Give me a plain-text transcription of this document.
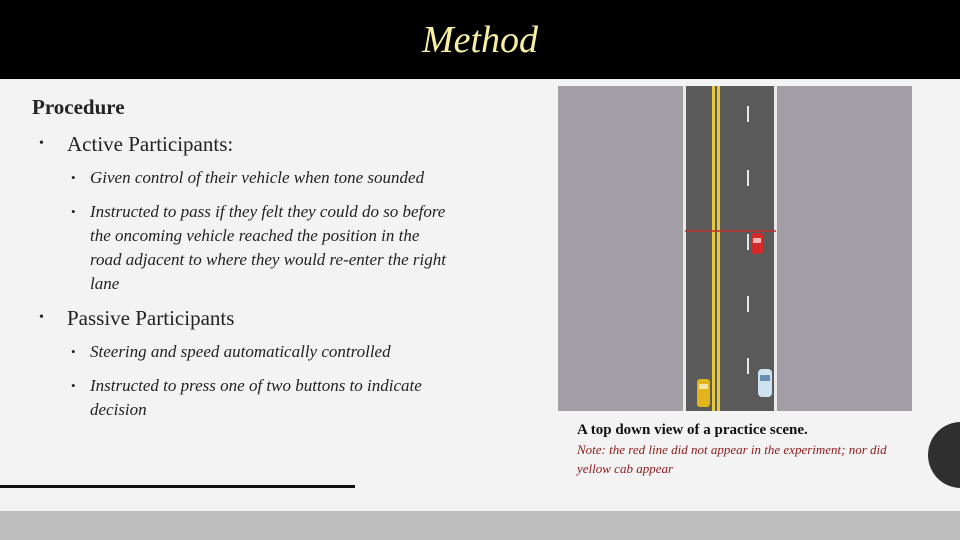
Method

Procedure

• Active Participants:

• Given control of their vehicle when tone sounded

• Instructed to pass if they felt they could do so before the oncoming vehicle reached the position in the road adjacent to where they would re-enter the right lane

• Passive Participants

• Steering and speed automatically controlled

• Instructed to press one of two buttons to indicate decision

A top down view of a practice scene.

Note: the red line did not appear in the experiment; nor did yellow cab appear
